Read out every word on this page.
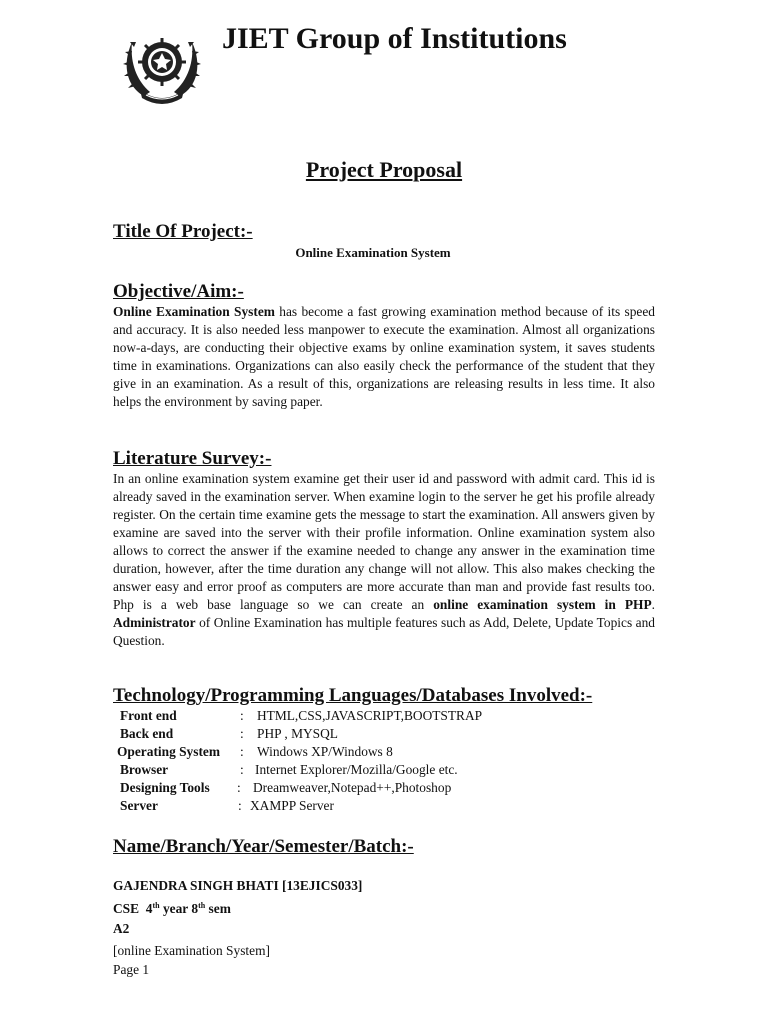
JIET Group of Institutions
Project Proposal
Title Of Project:-
Online Examination System
Objective/Aim:-
Online Examination System has become a fast growing examination method because of its speed and accuracy. It is also needed less manpower to execute the examination. Almost all organizations now-a-days, are conducting their objective exams by online examination system, it saves students time in examinations. Organizations can also easily check the performance of the student that they give in an examination. As a result of this, organizations are releasing results in less time. It also helps the environment by saving paper.
Literature Survey:-
In an online examination system examine get their user id and password with admit card. This id is already saved in the examination server. When examine login to the server he get his profile already register. On the certain time examine gets the message to start the examination. All answers given by examine are saved into the server with their profile information. Online examination system also allows to correct the answer if the examine needed to change any answer in the examination time duration, however, after the time duration any change will not allow. This also makes checking the answer easy and error proof as computers are more accurate than man and provide fast results too. Php is a web base language so we can create an online examination system in PHP. Administrator of Online Examination has multiple features such as Add, Delete, Update Topics and Question.
Technology/Programming Languages/Databases Involved:-
Front end	: HTML,CSS,JAVASCRIPT,BOOTSTRAP
Back end	: PHP , MYSQL
Operating System : Windows XP/Windows 8
Browser	: Internet Explorer/Mozilla/Google etc.
Designing Tools : Dreamweaver,Notepad++,Photoshop
Server	: XAMPP Server
Name/Branch/Year/Semester/Batch:-
GAJENDRA SINGH BHATI [13EJICS033]
CSE 4th year 8th sem
A2
[online Examination System]
Page 1
